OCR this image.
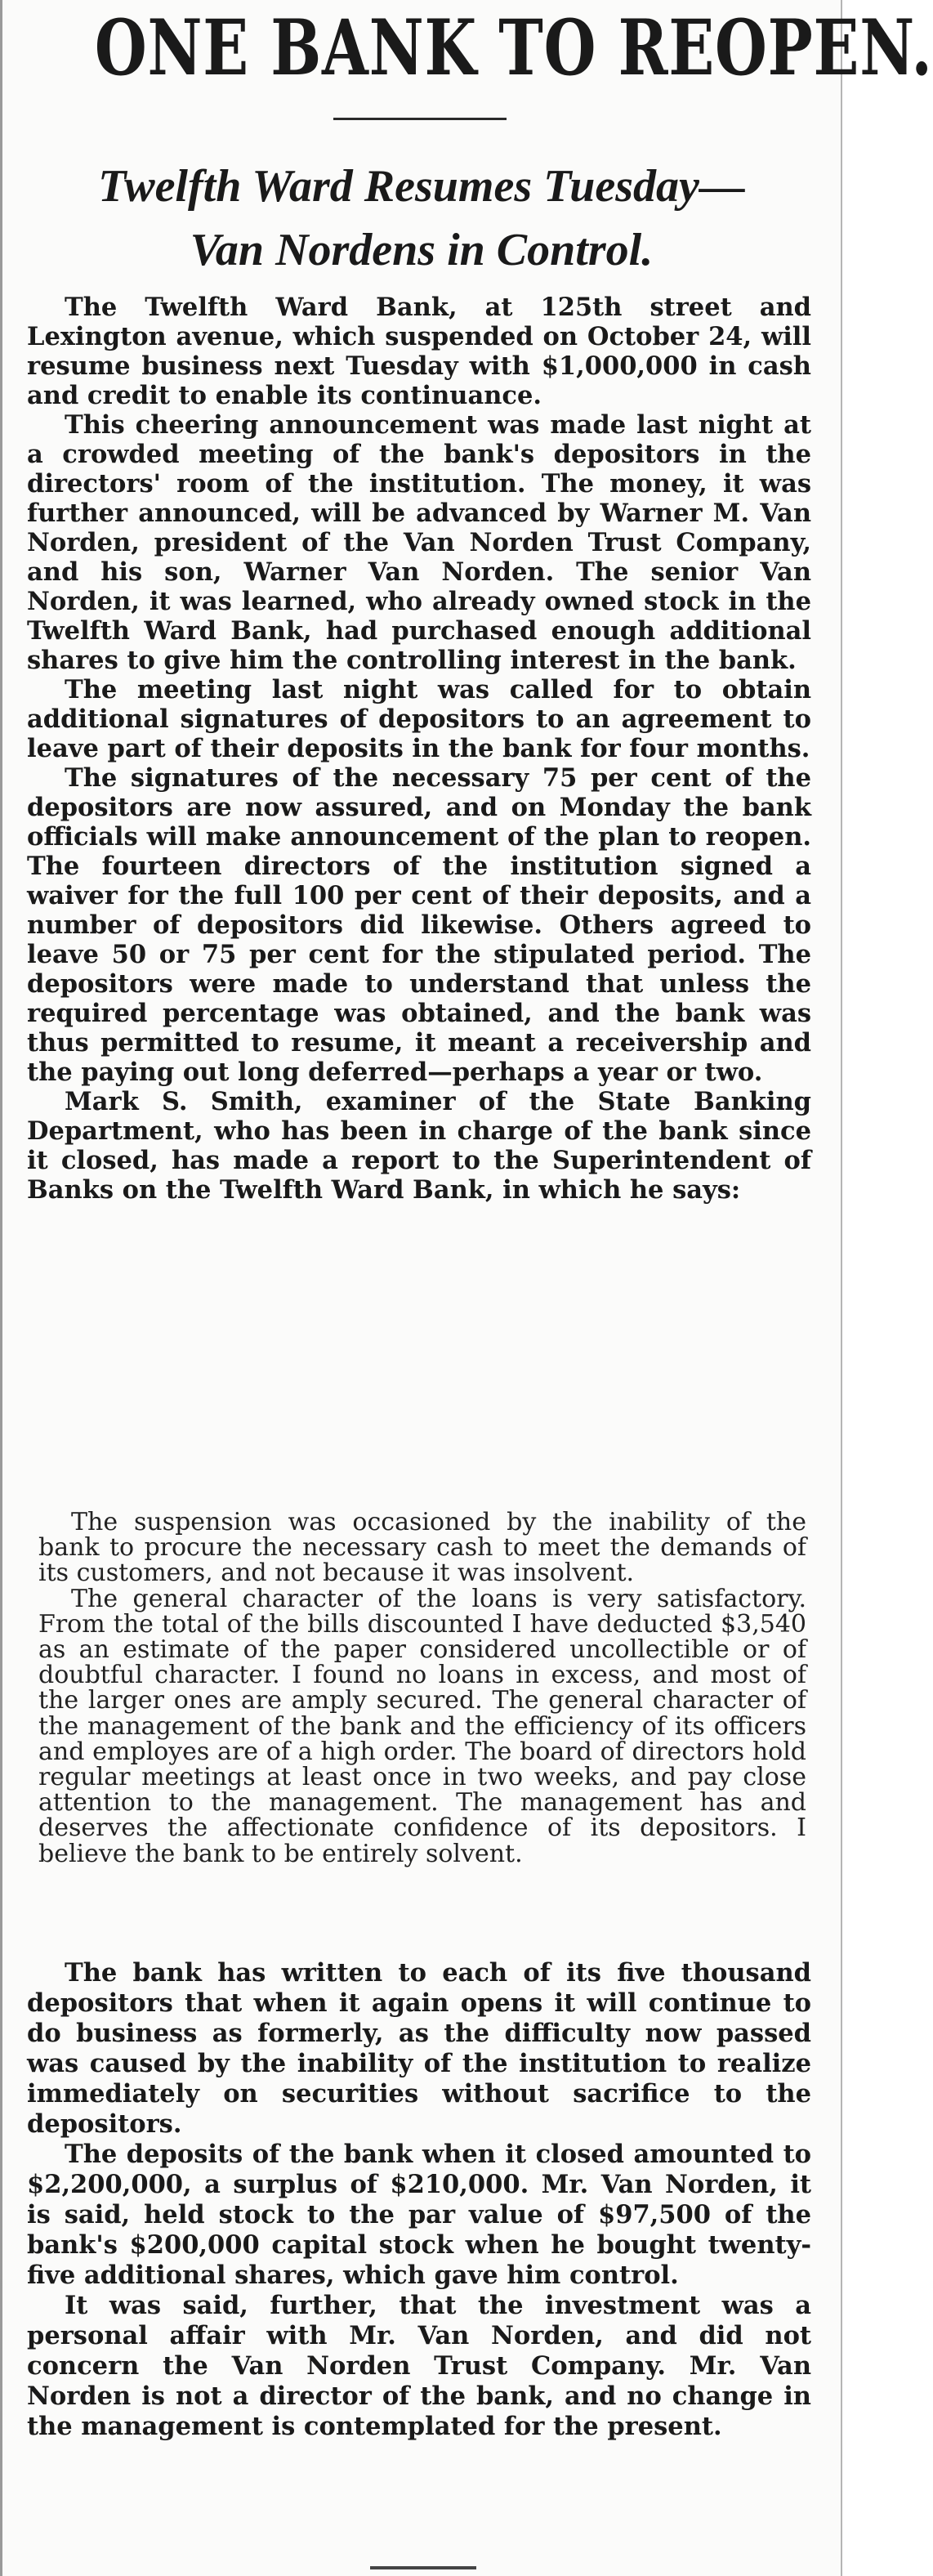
ONE BANK TO REOPEN.
Twelfth Ward Resumes Tuesday—
Van Nordens in Control.

The Twelfth Ward Bank, at 125th street and Lexington avenue, which suspended on October 24, will resume business next Tuesday with $1,000,000 in cash and credit to enable its continuance.

This cheering announcement was made last night at a crowded meeting of the bank's depositors in the directors' room of the institution. The money, it was further announced, will be advanced by Warner M. Van Norden, president of the Van Norden Trust Company, and his son, Warner Van Norden. The senior Van Norden, it was learned, who already owned stock in the Twelfth Ward Bank, had purchased enough additional shares to give him the controlling interest in the bank.

The meeting last night was called for to obtain additional signatures of depositors to an agreement to leave part of their deposits in the bank for four months.

The signatures of the necessary 75 per cent of the depositors are now assured, and on Monday the bank officials will make announcement of the plan to reopen. The fourteen directors of the institution signed a waiver for the full 100 per cent of their deposits, and a number of depositors did likewise. Others agreed to leave 50 or 75 per cent for the stipulated period. The depositors were made to understand that unless the required percentage was obtained, and the bank was thus permitted to resume, it meant a receivership and the paying out long deferred—perhaps a year or two.

Mark S. Smith, examiner of the State Banking Department, who has been in charge of the bank since it closed, has made a report to the Superintendent of Banks on the Twelfth Ward Bank, in which he says:

The suspension was occasioned by the inability of the bank to procure the necessary cash to meet the demands of its customers, and not because it was insolvent.

The general character of the loans is very satisfactory. From the total of the bills discounted I have deducted $3,540 as an estimate of the paper considered uncollectible or of doubtful character. I found no loans in excess, and most of the larger ones are amply secured. The general character of the management of the bank and the efficiency of its officers and employes are of a high order. The board of directors hold regular meetings at least once in two weeks, and pay close attention to the management. The management has and deserves the affectionate confidence of its depositors. I believe the bank to be entirely solvent.

The bank has written to each of its five thousand depositors that when it again opens it will continue to do business as formerly, as the difficulty now passed was caused by the inability of the institution to realize immediately on securities without sacrifice to the depositors.

The deposits of the bank when it closed amounted to $2,200,000, a surplus of $210,000. Mr. Van Norden, it is said, held stock to the par value of $97,500 of the bank's $200,000 capital stock when he bought twenty-five additional shares, which gave him control.

It was said, further, that the investment was a personal affair with Mr. Van Norden, and did not concern the Van Norden Trust Company. Mr. Van Norden is not a director of the bank, and no change in the management is contemplated for the present.
